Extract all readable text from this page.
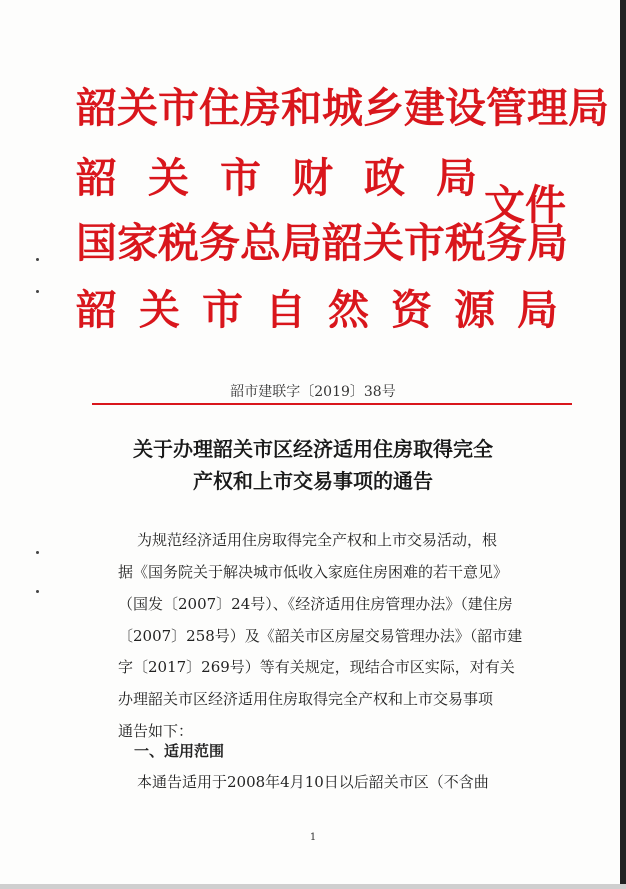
韶关市住房和城乡建设管理局
韶关市财政局
国家税务总局韶关市税务局
韶关市自然资源局
文件
韶市建联字〔2019〕38号
关于办理韶关市区经济适用住房取得完全
产权和上市交易事项的通告
为规范经济适用住房取得完全产权和上市交易活动，根
据《国务院关于解决城市低收入家庭住房困难的若干意见》
（国发〔2007〕24号）、《经济适用住房管理办法》（建住房
〔2007〕258号）及《韶关市区房屋交易管理办法》（韶市建
字〔2017〕269号）等有关规定，现结合市区实际，对有关
办理韶关市区经济适用住房取得完全产权和上市交易事项
通告如下：
一、适用范围
本通告适用于2008年4月10日以后韶关市区（不含曲
1
